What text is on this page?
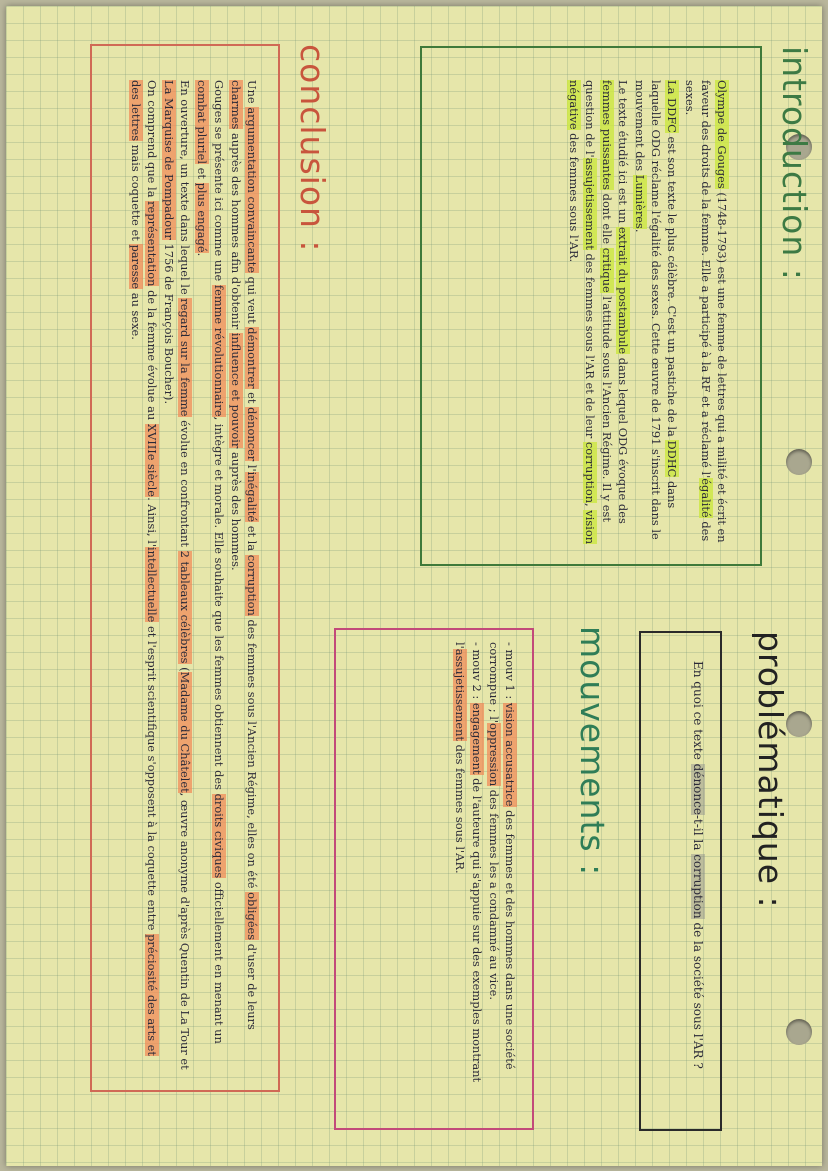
introduction :

Olympe de Gouges (1748-1793) est une femme de lettres qui a milité et écrit en faveur des droits de la femme. Elle a participé à la RF et a réclamé l'égalité des sexes.

La DDFC est son texte le plus célèbre. C'est un pastiche de la DDHC dans laquelle ODG réclame l'égalité des sexes. Cette œuvre de 1791 s'inscrit dans le mouvement des Lumières.

Le texte étudié ici est un extrait du postambule dans lequel ODG évoque des femmes puissantes dont elle critique l'attitude sous l'Ancien Régime. Il y est question de l'assujetissement des femmes sous l'AR et de leur corruption, vision négative des femmes sous l'AR.

conclusion :

Une argumentation convaincante qui veut démontrer et dénoncer l'inégalité et la corruption des femmes sous l'Ancien Régime, elles on été obligées d'user de leurs charmes auprès des hommes afin d'obtenir influence et pouvoir auprès des hommes.

Gouges se présente ici comme une femme révolutionnaire, intègre et morale. Elle souhaite que les femmes obtiennent des droits civiques officiellement en menant un combat pluriel et plus engagé.

En ouverture, un texte dans lequel le regard sur la femme évolue en confrontant 2 tableaux célèbres (Madame du Châtelet, œuvre anonyme d'après Quentin de La Tour et La Marquise de Pompadour 1756 de François Boucher).

On comprend que la représentation de la femme évolue au XVIIIe siècle. Ainsi, l'intellectuelle et l'esprit scientifique s'opposent à la coquette entre préciosité des arts et des lettres mais coquette et paresse au sexe.

problématique :

En quoi ce texte dénonce-t-il la corruption de la société sous l'AR ?

mouvements :

- mouv 1 : vision accusatrice des femmes et des hommes dans une société corrompue ; l'oppression des femmes les a condamné au vice.

- mouv 2 : engagement de l'auteure qui s'appuie sur des exemples montrant l'assujetissement des femmes sous l'AR.
